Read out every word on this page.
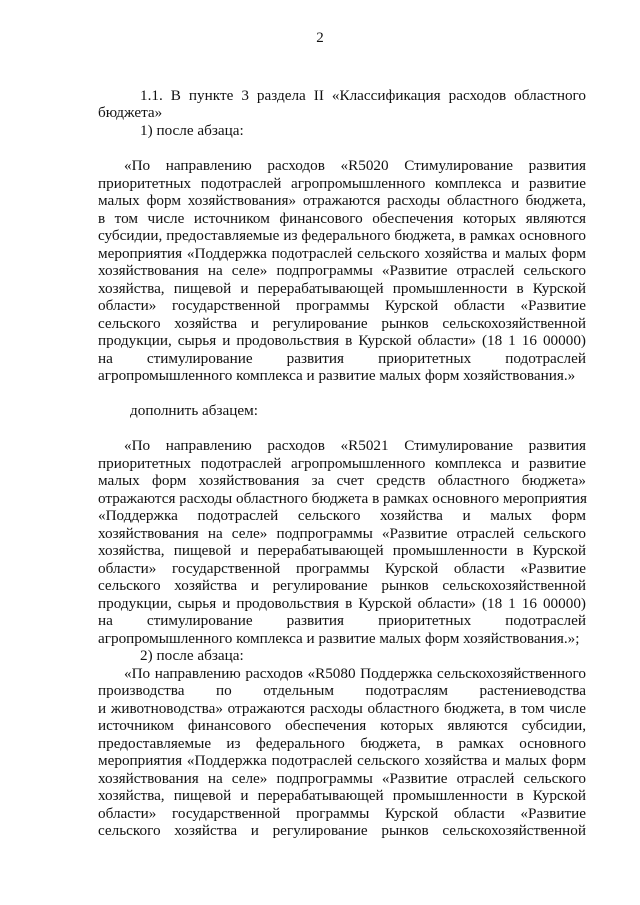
2
1.1. В пункте 3 раздела II «Классификация расходов областного
бюджета»
1) после абзаца:
«По направлению расходов «R5020 Стимулирование развития
приоритетных подотраслей агропромышленного комплекса и развитие
малых форм хозяйствования» отражаются расходы областного бюджета,
в том числе источником финансового обеспечения которых являются
субсидии, предоставляемые из федерального бюджета, в рамках основного
мероприятия «Поддержка подотраслей сельского хозяйства и малых форм
хозяйствования на селе» подпрограммы «Развитие отраслей сельского
хозяйства, пищевой и перерабатывающей промышленности в Курской
области» государственной программы Курской области «Развитие
сельского хозяйства и регулирование рынков сельскохозяйственной
продукции, сырья и продовольствия в Курской области» (18 1 16 00000)
на стимулирование развития приоритетных подотраслей
агропромышленного комплекса и развитие малых форм хозяйствования.»
дополнить абзацем:
«По направлению расходов «R5021 Стимулирование развития
приоритетных подотраслей агропромышленного комплекса и развитие
малых форм хозяйствования за счет средств областного бюджета»
отражаются расходы областного бюджета в рамках основного мероприятия
«Поддержка подотраслей сельского хозяйства и малых форм
хозяйствования на селе» подпрограммы «Развитие отраслей сельского
хозяйства, пищевой и перерабатывающей промышленности в Курской
области» государственной программы Курской области «Развитие
сельского хозяйства и регулирование рынков сельскохозяйственной
продукции, сырья и продовольствия в Курской области» (18 1 16 00000)
на стимулирование развития приоритетных подотраслей
агропромышленного комплекса и развитие малых форм хозяйствования.»;
2) после абзаца:
«По направлению расходов «R5080 Поддержка сельскохозяйственного
производства по отдельным подотраслям растениеводства
и животноводства» отражаются расходы областного бюджета, в том числе
источником финансового обеспечения которых являются субсидии,
предоставляемые из федерального бюджета, в рамках основного
мероприятия «Поддержка подотраслей сельского хозяйства и малых форм
хозяйствования на селе» подпрограммы «Развитие отраслей сельского
хозяйства, пищевой и перерабатывающей промышленности в Курской
области» государственной программы Курской области «Развитие
сельского хозяйства и регулирование рынков сельскохозяйственной
